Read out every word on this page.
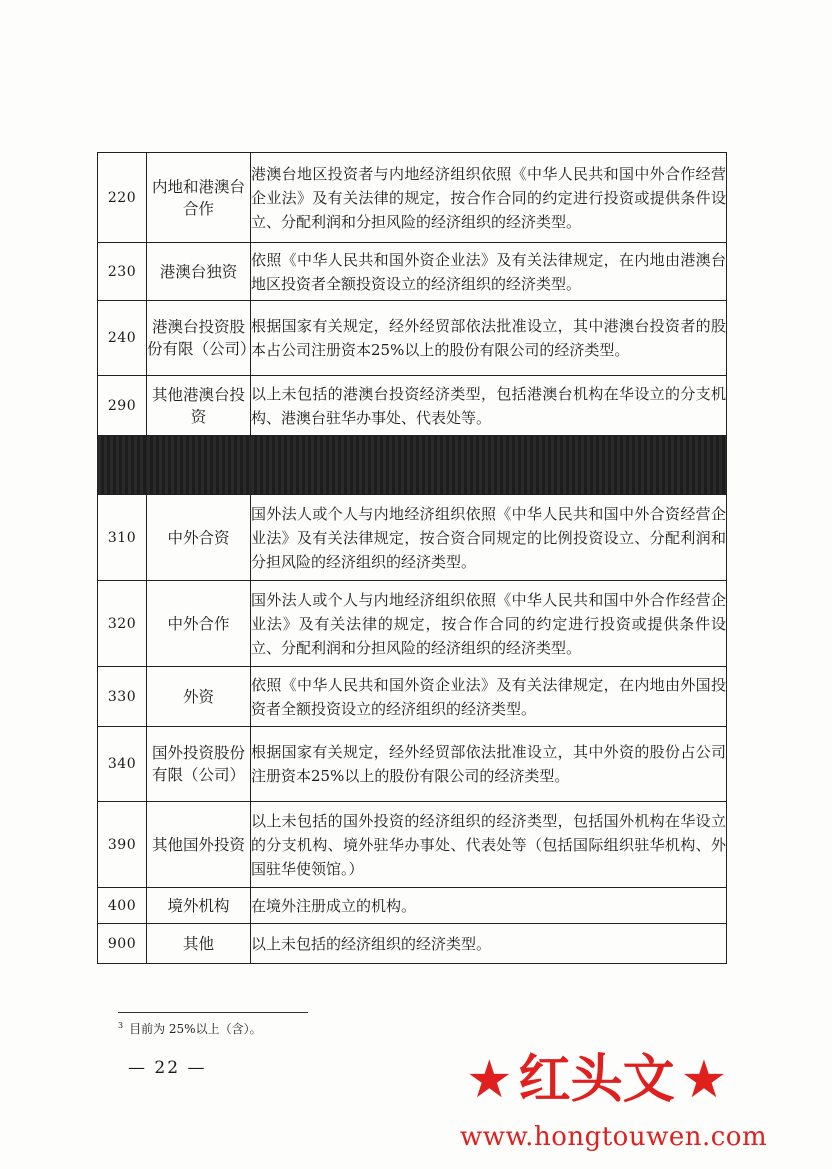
220	内地和港澳台合作	港澳台地区投资者与内地经济组织依照《中华人民共和国中外合作经营企业法》及有关法律的规定，按合作合同的约定进行投资或提供条件设立、分配利润和分担风险的经济组织的经济类型。
230	港澳台独资	依照《中华人民共和国外资企业法》及有关法律规定，在内地由港澳台地区投资者全额投资设立的经济组织的经济类型。
240	港澳台投资股份有限（公司）	根据国家有关规定，经外经贸部依法批准设立，其中港澳台投资者的股本占公司注册资本25%以上的股份有限公司的经济类型。
290	其他港澳台投资	以上未包括的港澳台投资经济类型，包括港澳台机构在华设立的分支机构、港澳台驻华办事处、代表处等。

310	中外合资	国外法人或个人与内地经济组织依照《中华人民共和国中外合资经营企业法》及有关法律规定，按合资合同规定的比例投资设立、分配利润和分担风险的经济组织的经济类型。
320	中外合作	国外法人或个人与内地经济组织依照《中华人民共和国中外合作经营企业法》及有关法律的规定，按合作合同的约定进行投资或提供条件设立、分配利润和分担风险的经济组织的经济类型。
330	外资	依照《中华人民共和国外资企业法》及有关法律规定，在内地由外国投资者全额投资设立的经济组织的经济类型。
340	国外投资股份有限（公司）	根据国家有关规定，经外经贸部依法批准设立，其中外资的股份占公司注册资本25%以上的股份有限公司的经济类型。
390	其他国外投资	以上未包括的国外投资的经济组织的经济类型，包括国外机构在华设立的分支机构、境外驻华办事处、代表处等（包括国际组织驻华机构、外国驻华使领馆。）
400	境外机构	在境外注册成立的机构。
900	其他	以上未包括的经济组织的经济类型。
$^3$ 目前为 25%以上（含）。
— 22 —	★ 红头文 ★
www.hongtouwen.com
